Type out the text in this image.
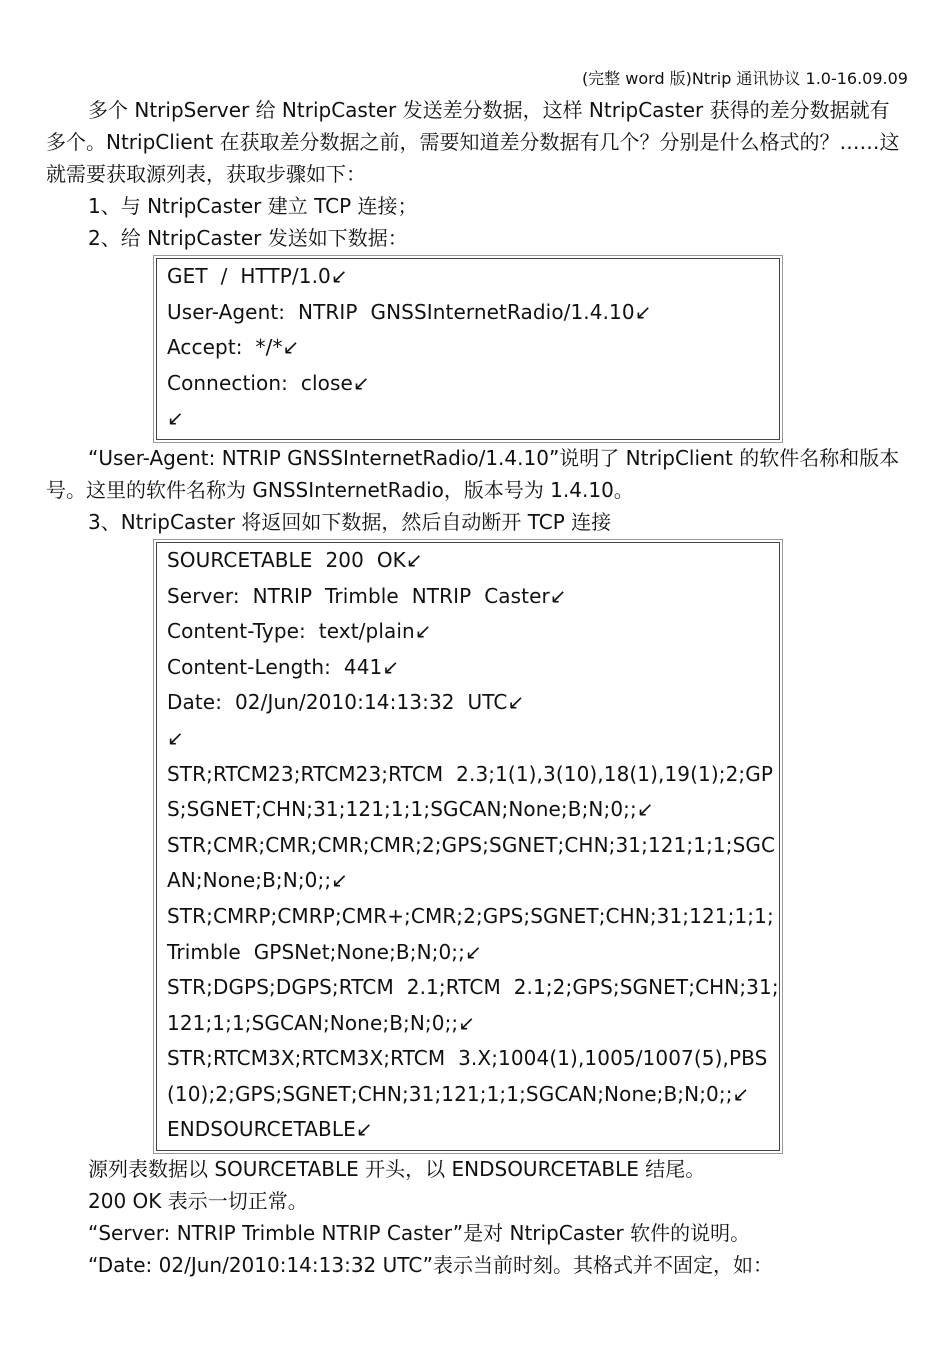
(完整 word 版)Ntrip 通讯协议 1.0-16.09.09

多个 NtripServer 给 NtripCaster 发送差分数据，这样 NtripCaster 获得的差分数据就有多个。NtripClient 在获取差分数据之前，需要知道差分数据有几个？分别是什么格式的？……这就需要获取源列表，获取步骤如下：

1、与 NtripCaster 建立 TCP 连接；

2、给 NtripCaster 发送如下数据：

GET  /  HTTP/1.0↙
User-Agent:  NTRIP  GNSSInternetRadio/1.4.10↙
Accept:  */*↙
Connection:  close↙
↙

“User-Agent: NTRIP GNSSInternetRadio/1.4.10”说明了 NtripClient 的软件名称和版本号。这里的软件名称为 GNSSInternetRadio，版本号为 1.4.10。

3、NtripCaster 将返回如下数据，然后自动断开 TCP 连接

SOURCETABLE  200  OK↙
Server:  NTRIP  Trimble  NTRIP  Caster↙
Content-Type:  text/plain↙
Content-Length:  441↙
Date:  02/Jun/2010:14:13:32  UTC↙
↙
STR;RTCM23;RTCM23;RTCM  2.3;1(1),3(10),18(1),19(1);2;GPS;SGNET;CHN;31;121;1;1;SGCAN;None;B;N;0;;↙
STR;CMR;CMR;CMR;CMR;2;GPS;SGNET;CHN;31;121;1;1;SGCAN;None;B;N;0;;↙
STR;CMRP;CMRP;CMR+;CMR;2;GPS;SGNET;CHN;31;121;1;1;Trimble  GPSNet;None;B;N;0;;↙
STR;DGPS;DGPS;RTCM  2.1;RTCM  2.1;2;GPS;SGNET;CHN;31;121;1;1;SGCAN;None;B;N;0;;↙
STR;RTCM3X;RTCM3X;RTCM  3.X;1004(1),1005/1007(5),PBS(10);2;GPS;SGNET;CHN;31;121;1;1;SGCAN;None;B;N;0;;↙
ENDSOURCETABLE↙

源列表数据以 SOURCETABLE 开头，以 ENDSOURCETABLE 结尾。

200 OK 表示一切正常。

“Server: NTRIP Trimble NTRIP Caster”是对 NtripCaster 软件的说明。

“Date: 02/Jun/2010:14:13:32 UTC”表示当前时刻。其格式并不固定，如：
